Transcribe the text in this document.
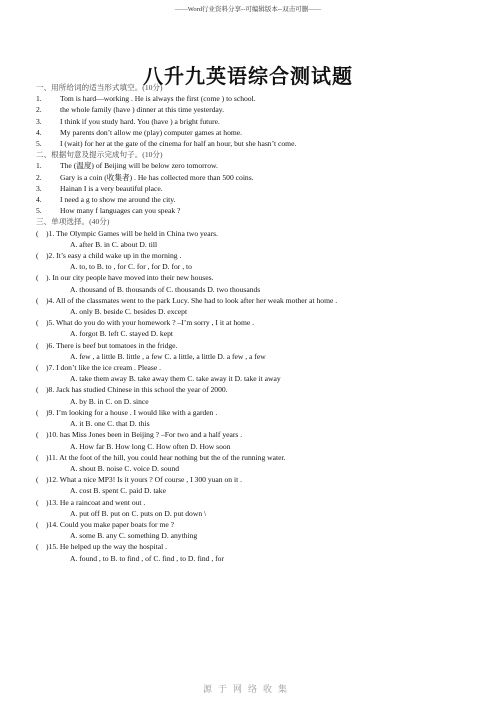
——Word行业资料分享--可编辑版本--双击可删——
八升九英语综合测试题
一、用所给词的适当形式填空。(10分)
1. Tom is hard—working . He is always the first (come ) to school.
2. the whole family (have ) dinner at this time yesterday.
3. I think if you study hard. You (have ) a bright future.
4. My parents don’t allow me (play) computer games at home.
5. I (wait) for her at the gate of the cinema for half an hour, but she hasn’t come.
二、根据句意及提示完成句子。(10分)
1. The (温度) of Beijing will be below zero tomorrow.
2. Gary is a coin (收集者) . He has collected more than 500 coins.
3. Hainan I is a very beautiful place.
4. I need a g to show me around the city.
5. How many f languages can you speak ?
三、单项选择。(40分)
( )1. The Olympic Games will be held in China two years.
A. after B. in C. about D. till
( )2. It’s easy a child wake up in the morning .
A. to, to B. to , for C. for , for D. for , to
( ). In our city people have moved into their new houses.
A. thousand of B. thousands of C. thousands D. two thousands
( )4. All of the classmates went to the park Lucy. She had to look after her weak mother at home .
A. only B. beside C. besides D. except
( )5. What do you do with your homework ? –I’m sorry , I it at home .
A. forgot B. left C. stayed D. kept
( )6. There is beef but tomatoes in the fridge.
A. few , a little B. little , a few C. a little, a little D. a few , a few
( )7. I don’t like the ice cream . Please .
A. take them away B. take away them C. take away it D. take it away
( )8. Jack has studied Chinese in this school the year of 2000.
A. by B. in C. on D. since
( )9. I’m looking for a house . I would like with a garden .
A. it B. one C. that D. this
( )10. has Miss Jones been in Beijing ? –For two and a half years .
A. How far B. How long C. How often D. How soon
( )11. At the foot of the hill, you could hear nothing but the of the running water.
A. shout B. noise C. voice D. sound
( )12. What a nice MP3! Is it yours ? Of course , I 300 yuan on it .
A. cost B. spent C. paid D. take
( )13. He a raincoat and went out .
A. put off B. put on C. puts on D. put down \
( )14. Could you make paper boats for me ?
A. some B. any C. something D. anything
( )15. He helped up the way the hospital .
A. found , to B. to find , of C. find , to D. find , for
源于网络收集
